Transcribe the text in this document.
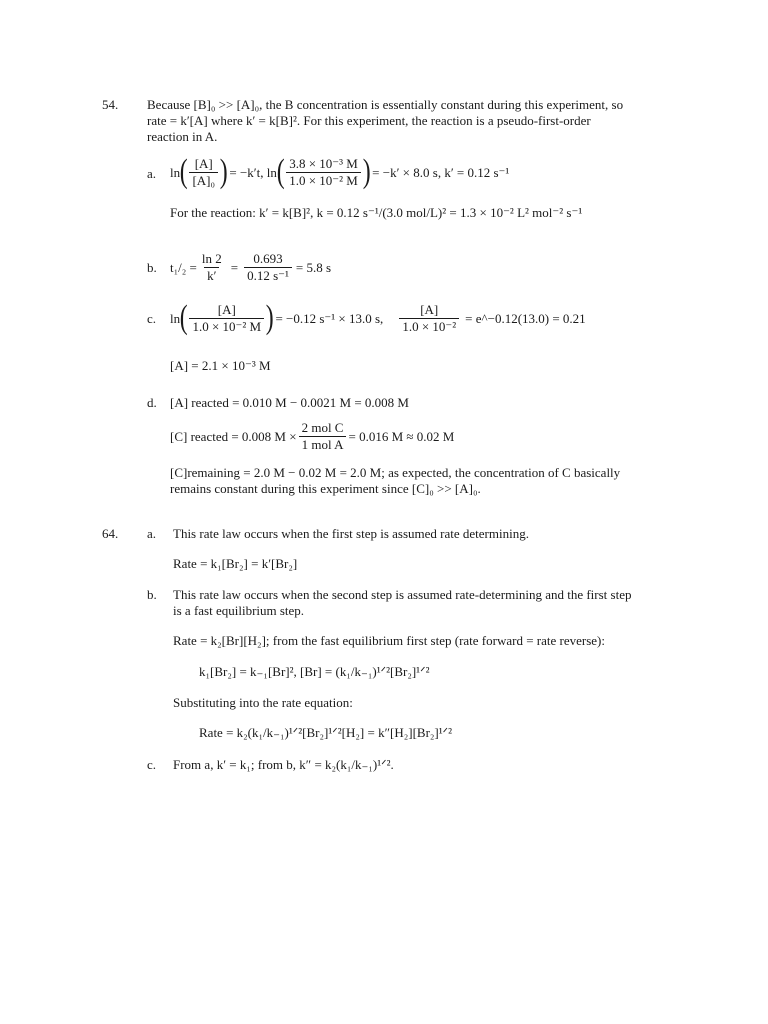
54. Because [B]₀ >> [A]₀, the B concentration is essentially constant during this experiment, so
rate = k′[A] where k′ = k[B]². For this experiment, the reaction is a pseudo-first-order
reaction in A.
a. ln ( $\frac{[A]}{\text{[A]₀}}$ ) = −k′t, ln ( $\frac{\text{3.8 × 10⁻³ M}}{\text{1.0 × 10⁻² M}}$ ) = −k′ × 8.0 s, k′ = 0.12 s⁻¹
For the reaction: k′ = k[B]², k = 0.12 s⁻¹/(3.0 mol/L)² = 1.3 × 10⁻² L² mol⁻² s⁻¹
b. $t_1/_2 = \frac{\ln 2}{k'} = \frac{0.693}{\text{0.12 s⁻¹}} = 5.8$ s
c. ln ( $\frac{[A]}{\text{1.0 × 10⁻² M}}$ ) = −0.12 s⁻¹ × 13.0 s, $\frac{[A]}{\text{1.0 × 10⁻²}}$ = e^−0.12(13.0) = 0.21
[A] = 2.1 × 10⁻³ M
d. [A] reacted = 0.010 M − 0.0021 M = 0.008 M
[C] reacted = 0.008 $M \times \frac{\text{2 mol C}}{\text{1 mol A}} = 0.016$ M ≈ 0.02 M
[C]remaining = 2.0 M − 0.02 M = 2.0 M; as expected, the concentration of C basically
remains constant during this experiment since [C]₀ >> [A]₀.
64. a. This rate law occurs when the first step is assumed rate determining.
Rate = k₁[Br₂] = k′[Br₂]
b. This rate law occurs when the second step is assumed rate-determining and the first step
is a fast equilibrium step.
Rate = k₂[Br][H₂]; from the fast equilibrium first step (rate forward = rate reverse):
k₁[Br₂] = k₋₁[Br]², [Br] = (k₁/k₋₁)¹ᐟ²[Br₂]¹ᐟ²
Substituting into the rate equation:
Rate = k₂(k₁/k₋₁)¹ᐟ²[Br₂]¹ᐟ²[H₂] = k″[H₂][Br₂]¹ᐟ²
c. From a, k′ = k₁; from b, k″ = k₂(k₁/k₋₁)¹ᐟ².
